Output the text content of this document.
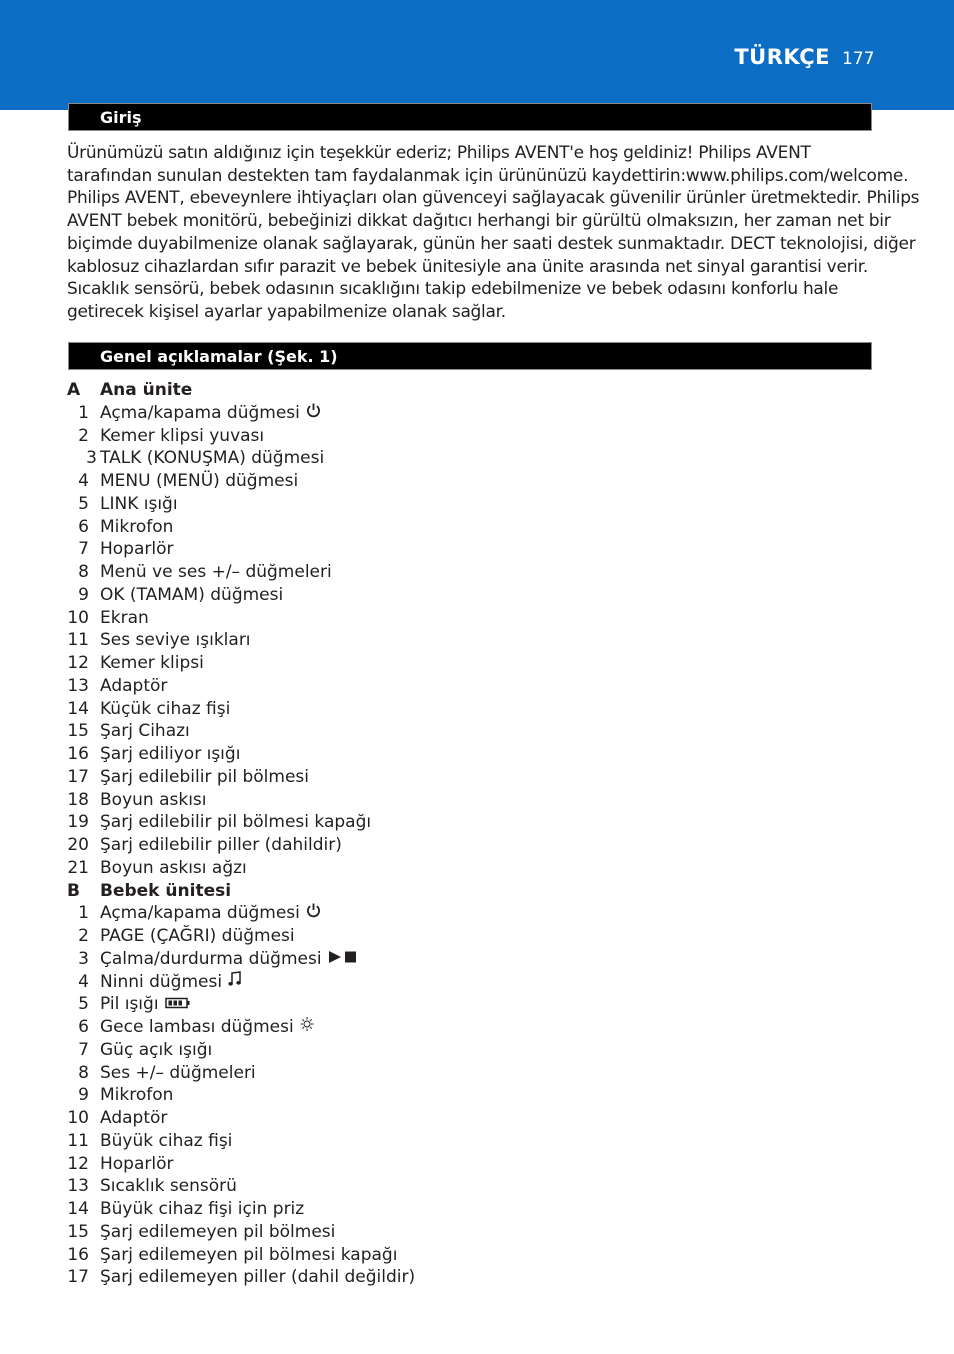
TÜRKÇE 177
Giriş

Ürünümüzü satın aldığınız için teşekkür ederiz; Philips AVENT'e hoş geldiniz! Philips AVENT

tarafından sunulan destekten tam faydalanmak için ürününüzü kaydettirin:www.philips.com/welcome.

Philips AVENT, ebeveynlere ihtiyaçları olan güvenceyi sağlayacak güvenilir ürünler üretmektedir. Philips

AVENT bebek monitörü, bebeğinizi dikkat dağıtıcı herhangi bir gürültü olmaksızın, her zaman net bir

biçimde duyabilmenize olanak sağlayarak, günün her saati destek sunmaktadır. DECT teknolojisi, diğer

kablosuz cihazlardan sıfır parazit ve bebek ünitesiyle ana ünite arasında net sinyal garantisi verir.

Sıcaklık sensörü, bebek odasının sıcaklığını takip edebilmenize ve bebek odasını konforlu hale

getirecek kişisel ayarlar yapabilmenize olanak sağlar.

Genel açıklamalar (Şek. 1)
A	Ana ünite
1 Açma/kapama düğmesi
2 Kemer klipsi yuvası
3 TALK (KONUŞMA) düğmesi
4 MENU (MENÜ) düğmesi
5 LINK ışığı
6 Mikrofon
7 Hoparlör
8 Menü ve ses +/– düğmeleri
9 OK (TAMAM) düğmesi
10 Ekran
11 Ses seviye ışıkları
12 Kemer klipsi
13 Adaptör
14 Küçük cihaz fişi
15 Şarj Cihazı
16 Şarj ediliyor ışığı
17 Şarj edilebilir pil bölmesi
18 Boyun askısı
19 Şarj edilebilir pil bölmesi kapağı
20 Şarj edilebilir piller (dahildir)
21 Boyun askısı ağzı
B	Bebek ünitesi
1 Açma/kapama düğmesi
2 PAGE (ÇAĞRI) düğmesi
3 Çalma/durdurma düğmesi
4 Ninni düğmesi
5 Pil ışığı
6 Gece lambası düğmesi
7 Güç açık ışığı
8 Ses +/– düğmeleri
9 Mikrofon
10 Adaptör
11 Büyük cihaz fişi
12 Hoparlör
13 Sıcaklık sensörü
14 Büyük cihaz fişi için priz
15 Şarj edilemeyen pil bölmesi
16 Şarj edilemeyen pil bölmesi kapağı
17 Şarj edilemeyen piller (dahil değildir)
